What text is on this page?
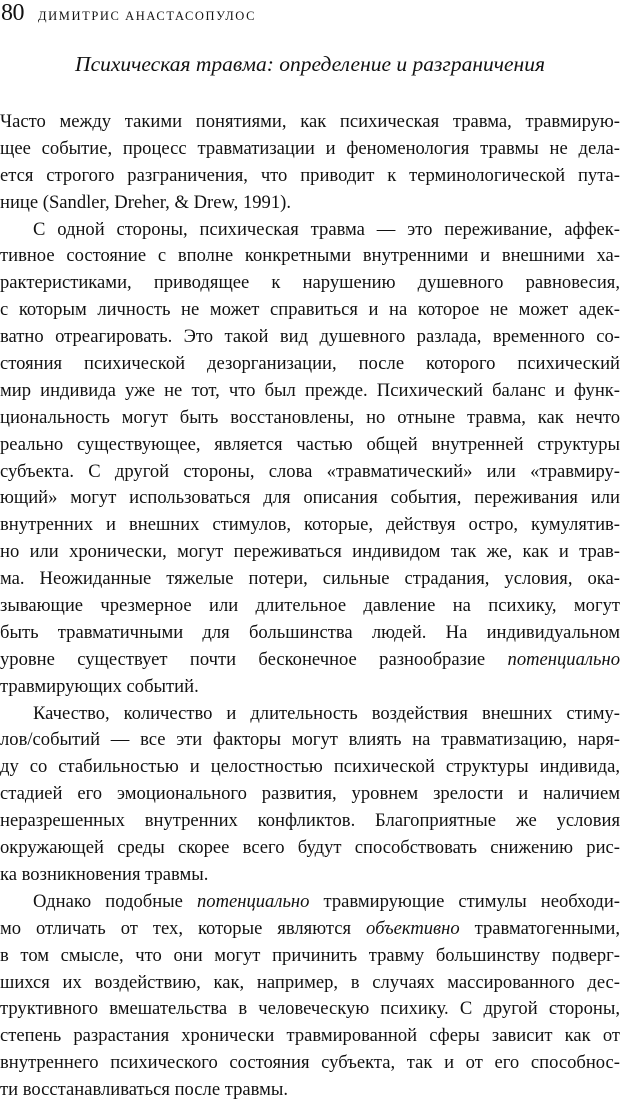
80 ДИМИТРИС АНАСТАСОПУЛОС
Психическая травма: определение и разграничения
Часто между такими понятиями, как психическая травма, травмирую-
щее событие, процесс травматизации и феноменология травмы не дела-
ется строгого разграничения, что приводит к терминологической пута-
нице (Sandler, Dreher, & Drew, 1991).
С одной стороны, психическая травма — это переживание, аффек-
тивное состояние с вполне конкретными внутренними и внешними ха-
рактеристиками, приводящее к нарушению душевного равновесия,
с которым личность не может справиться и на которое не может адек-
ватно отреагировать. Это такой вид душевного разлада, временного со-
стояния психической дезорганизации, после которого психический
мир индивида уже не тот, что был прежде. Психический баланс и функ-
циональность могут быть восстановлены, но отныне травма, как нечто
реально существующее, является частью общей внутренней структуры
субъекта. С другой стороны, слова «травматический» или «травмиру-
ющий» могут использоваться для описания события, переживания или
внутренних и внешних стимулов, которые, действуя остро, кумулятив-
но или хронически, могут переживаться индивидом так же, как и трав-
ма. Неожиданные тяжелые потери, сильные страдания, условия, ока-
зывающие чрезмерное или длительное давление на психику, могут
быть травматичными для большинства людей. На индивидуальном
уровне существует почти бесконечное разнообразие потенциально
травмирующих событий.
Качество, количество и длительность воздействия внешних стиму-
лов/событий — все эти факторы могут влиять на травматизацию, наря-
ду со стабильностью и целостностью психической структуры индивида,
стадией его эмоционального развития, уровнем зрелости и наличием
неразрешенных внутренних конфликтов. Благоприятные же условия
окружающей среды скорее всего будут способствовать снижению рис-
ка возникновения травмы.
Однако подобные потенциально травмирующие стимулы необходи-
мо отличать от тех, которые являются объективно травматогенными,
в том смысле, что они могут причинить травму большинству подверг-
шихся их воздействию, как, например, в случаях массированного дес-
труктивного вмешательства в человеческую психику. С другой стороны,
степень разрастания хронически травмированной сферы зависит как от
внутреннего психического состояния субъекта, так и от его способнос-
ти восстанавливаться после травмы.
